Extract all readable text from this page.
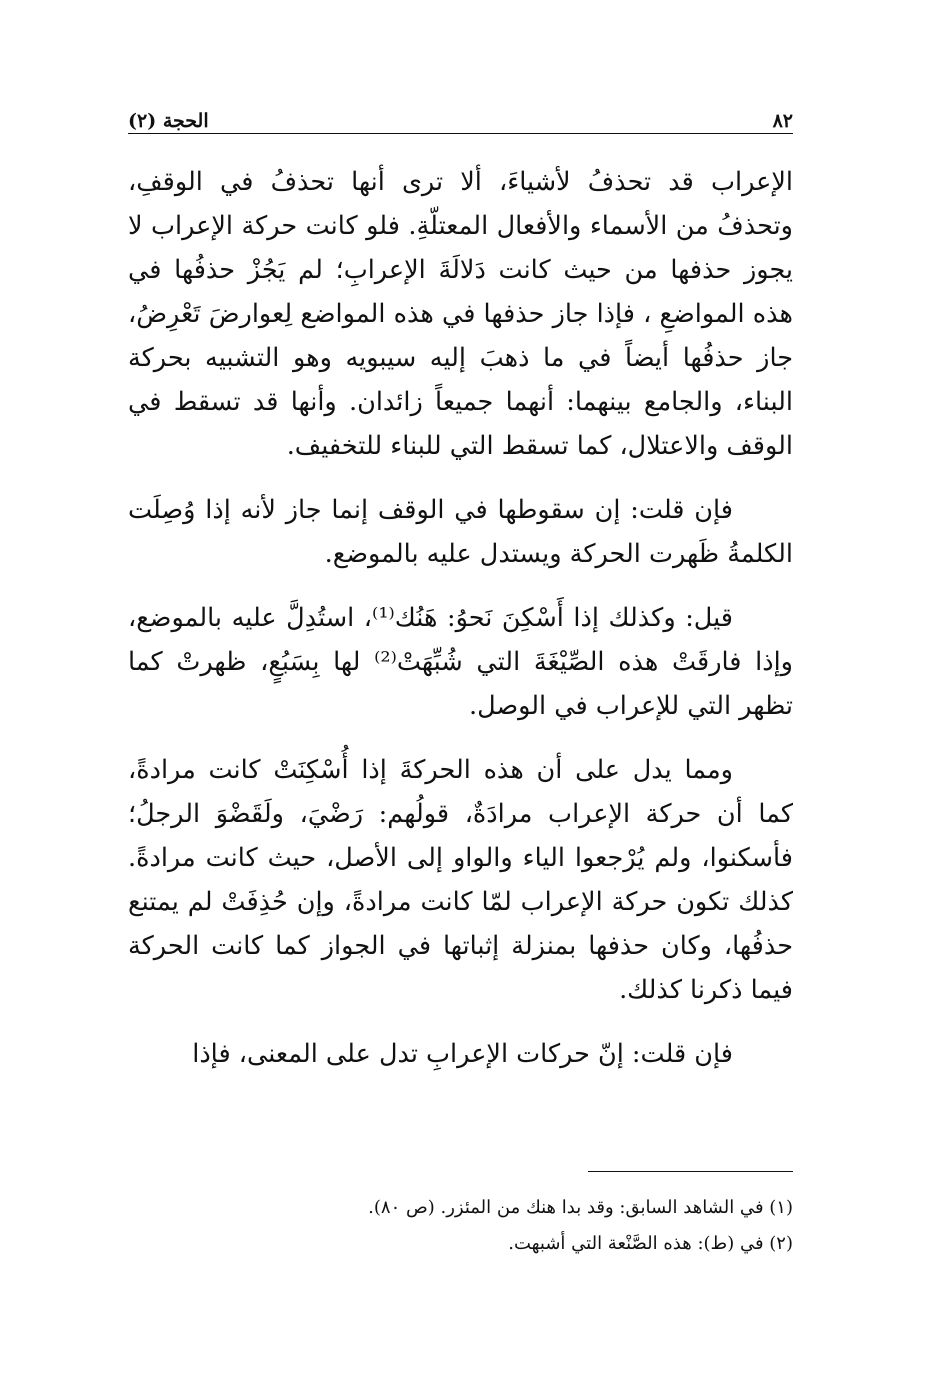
٨٢
الحجة (٢)

الإعراب قد تحذفُ لأشياءَ، ألا ترى أنها تحذفُ في الوقفِ، وتحذفُ من الأسماء والأفعال المعتلّةِ. فلو كانت حركة الإعراب لا يجوز حذفها من حيث كانت دَلالَةَ الإعرابِ؛ لم يَجُزْ حذفُها في هذه المواضعِ ، فإذا جاز حذفها في هذه المواضع لِعوارضَ تَعْرِضُ، جاز حذفُها أيضاً في ما ذهبَ إليه سيبويه وهو التشبيه بحركة البناء، والجامع بينهما: أنهما جميعاً زائدان. وأنها قد تسقط في الوقف والاعتلال، كما تسقط التي للبناء للتخفيف.

فإن قلت: إن سقوطها في الوقف إنما جاز لأنه إذا وُصِلَت الكلمةُ ظَهرت الحركة ويستدل عليه بالموضع.

قيل: وكذلك إذا أَسْكِنَ نَحوُ: هَنُك⁽¹⁾، استُدِلَّ عليه بالموضع، وإذا فارقَتْ هذه الصِّيْغَةَ التي شُبِّهَتْ⁽²⁾ لها بِسَبُعٍ، ظهرتْ كما تظهر التي للإعراب في الوصل.

ومما يدل على أن هذه الحركةَ إذا أُسْكِنَتْ كانت مرادةً، كما أن حركة الإعراب مرادَةٌ، قولُهم: رَضْيَ، ولَقَضْوَ الرجلُ؛ فأسكنوا، ولم يُرْجعوا الياء والواو إلى الأصل، حيث كانت مرادةً. كذلك تكون حركة الإعراب لمّا كانت مرادةً، وإن حُذِفَتْ لم يمتنع حذفُها، وكان حذفها بمنزلة إثباتها في الجواز كما كانت الحركة فيما ذكرنا كذلك.

فإن قلت: إنّ حركات الإعرابِ تدل على المعنى، فإذا

(١) في الشاهد السابق: وقد بدا هنك من المئزر. (ص ٨٠).

(٢) في (ط): هذه الصَّنْعة التي أشبهت.
